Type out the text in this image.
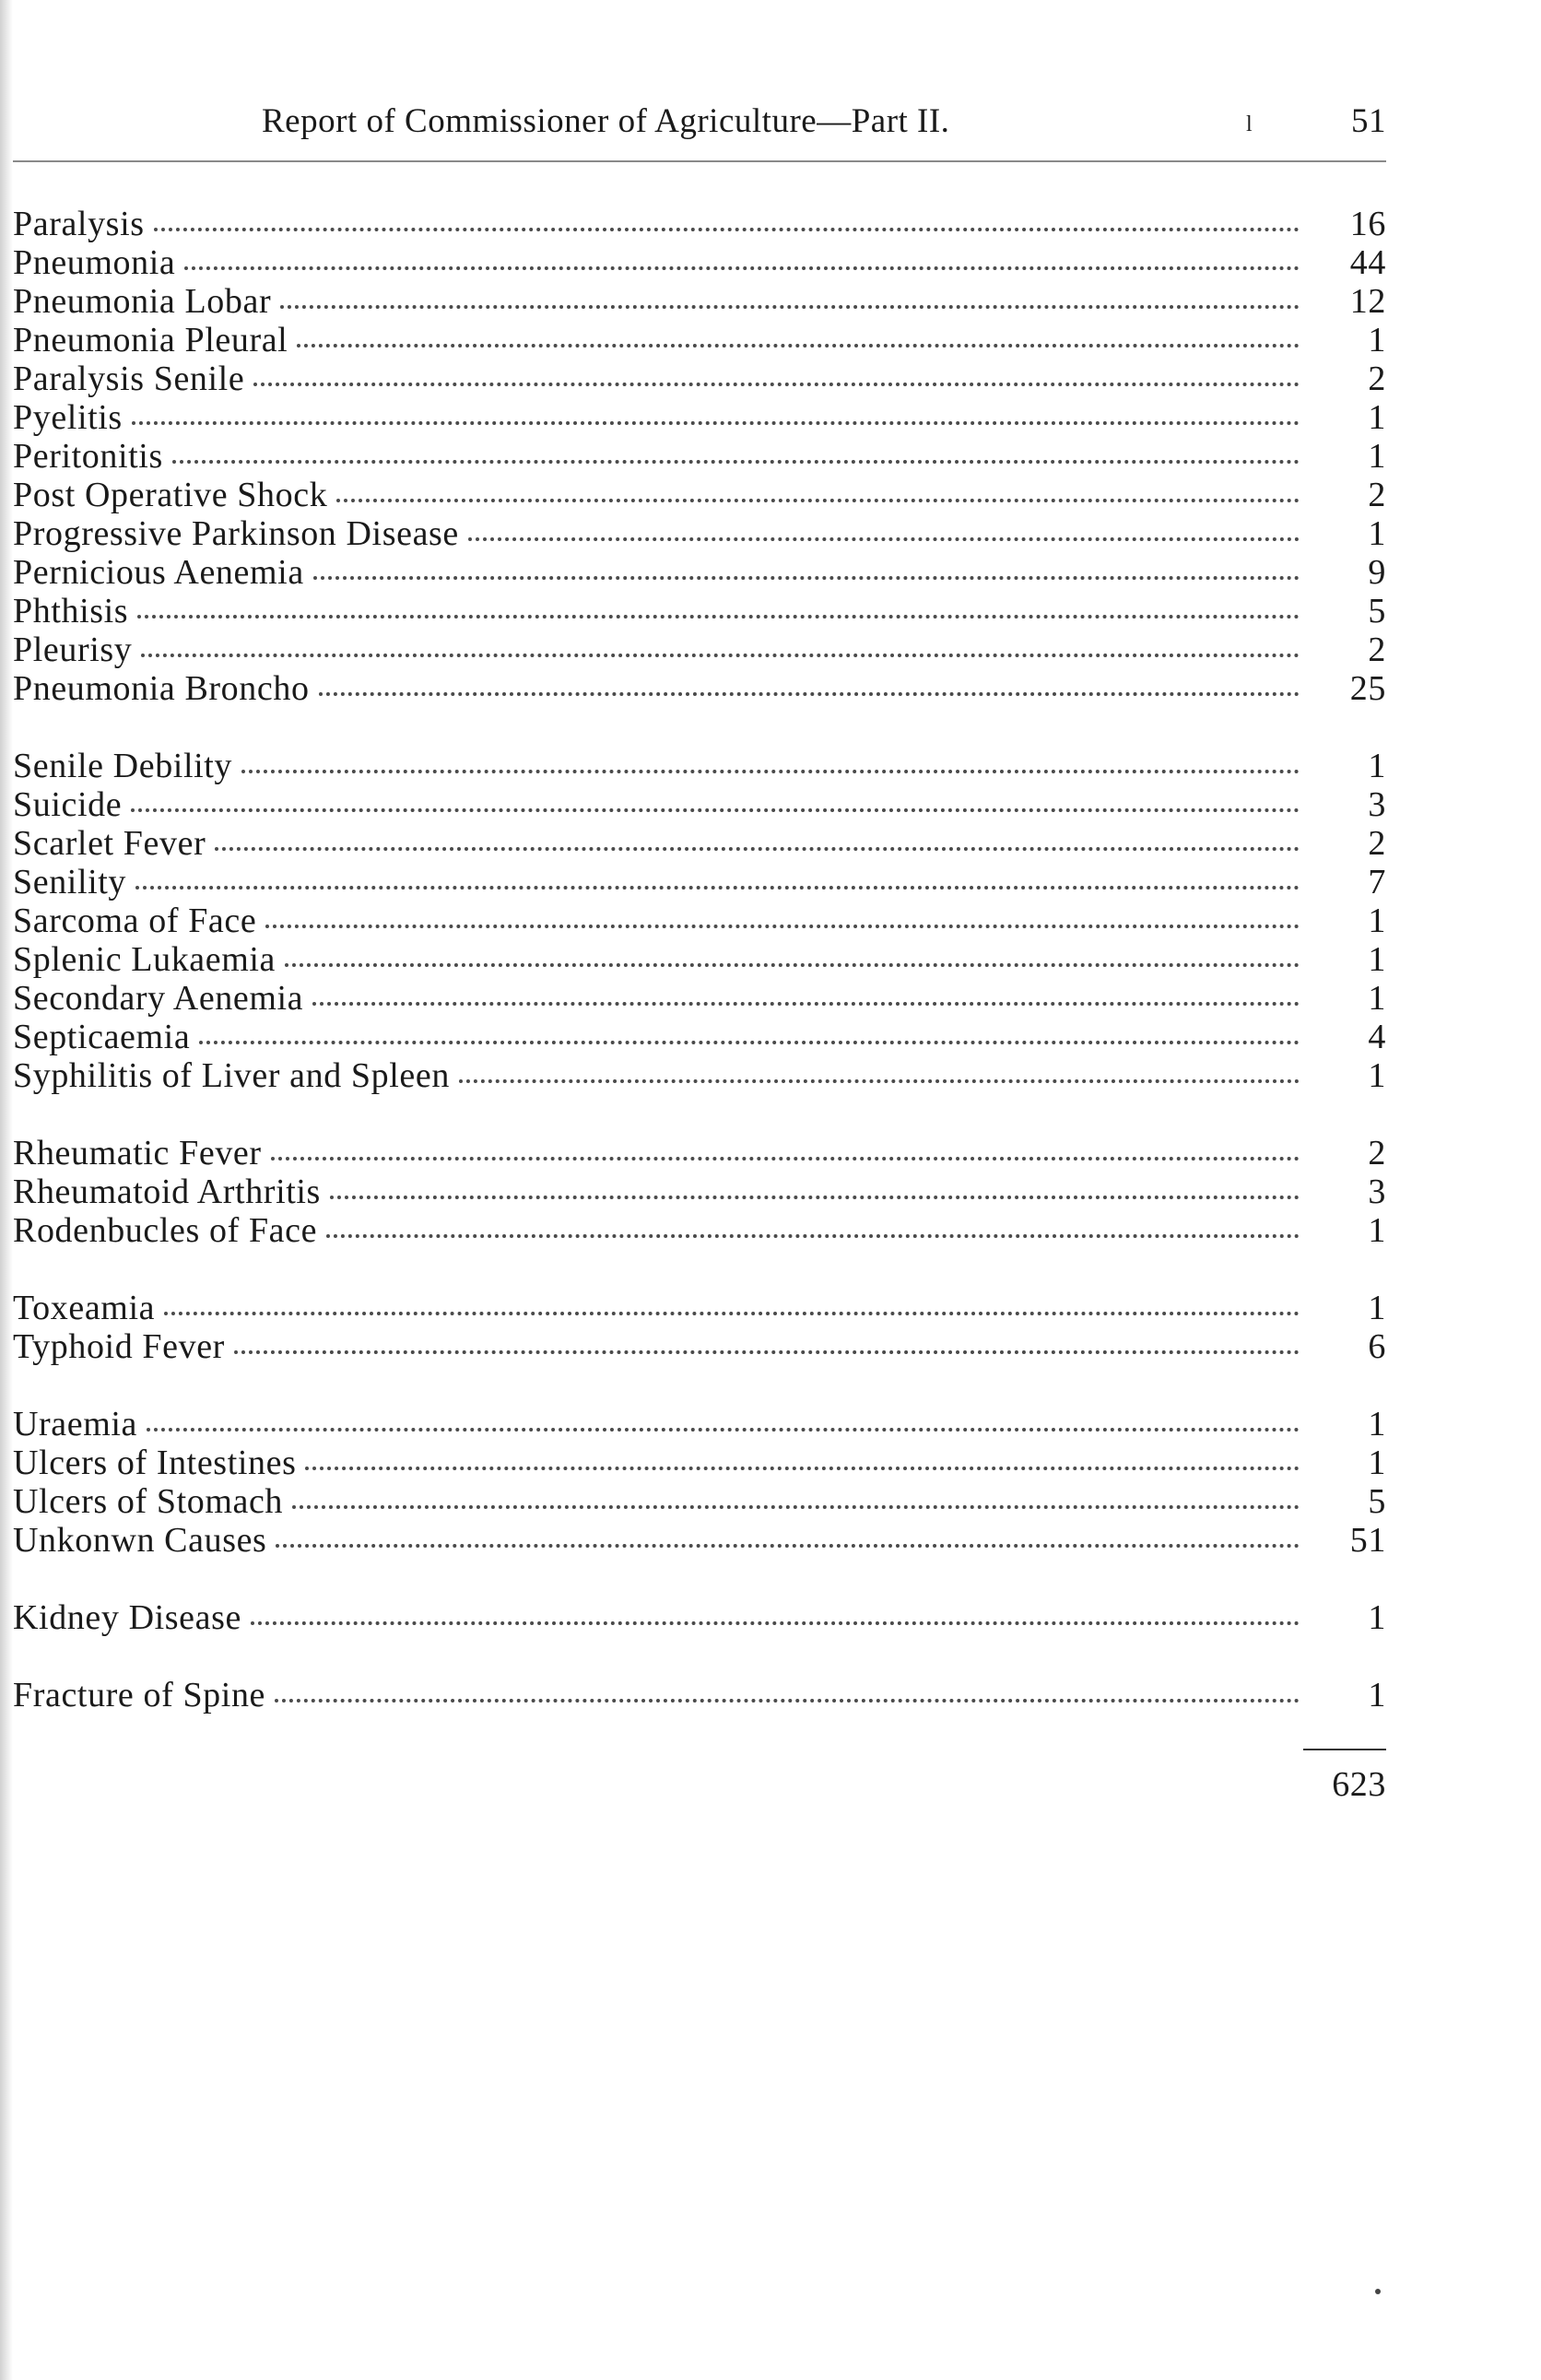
Report of Commissioner of Agriculture—Part II.	l	51
Paralysis	16
Pneumonia	44
Pneumonia Lobar	12
Pneumonia Pleural	1
Paralysis Senile	2
Pyelitis	1
Peritonitis	1
Post Operative Shock	2
Progressive Parkinson Disease	1
Pernicious Aenemia	9
Phthisis	5
Pleurisy	2
Pneumonia Broncho	25
Senile Debility	1
Suicide	3
Scarlet Fever	2
Senility	7
Sarcoma of Face	1
Splenic Lukaemia	1
Secondary Aenemia	1
Septicaemia	4
Syphilitis of Liver and Spleen	1
Rheumatic Fever	2
Rheumatoid Arthritis	3
Rodenbucles of Face	1
Toxeamia	1
Typhoid Fever	6
Uraemia	1
Ulcers of Intestines	1
Ulcers of Stomach	5
Unkonwn Causes	51
Kidney Disease	1
Fracture of Spine	1
623
